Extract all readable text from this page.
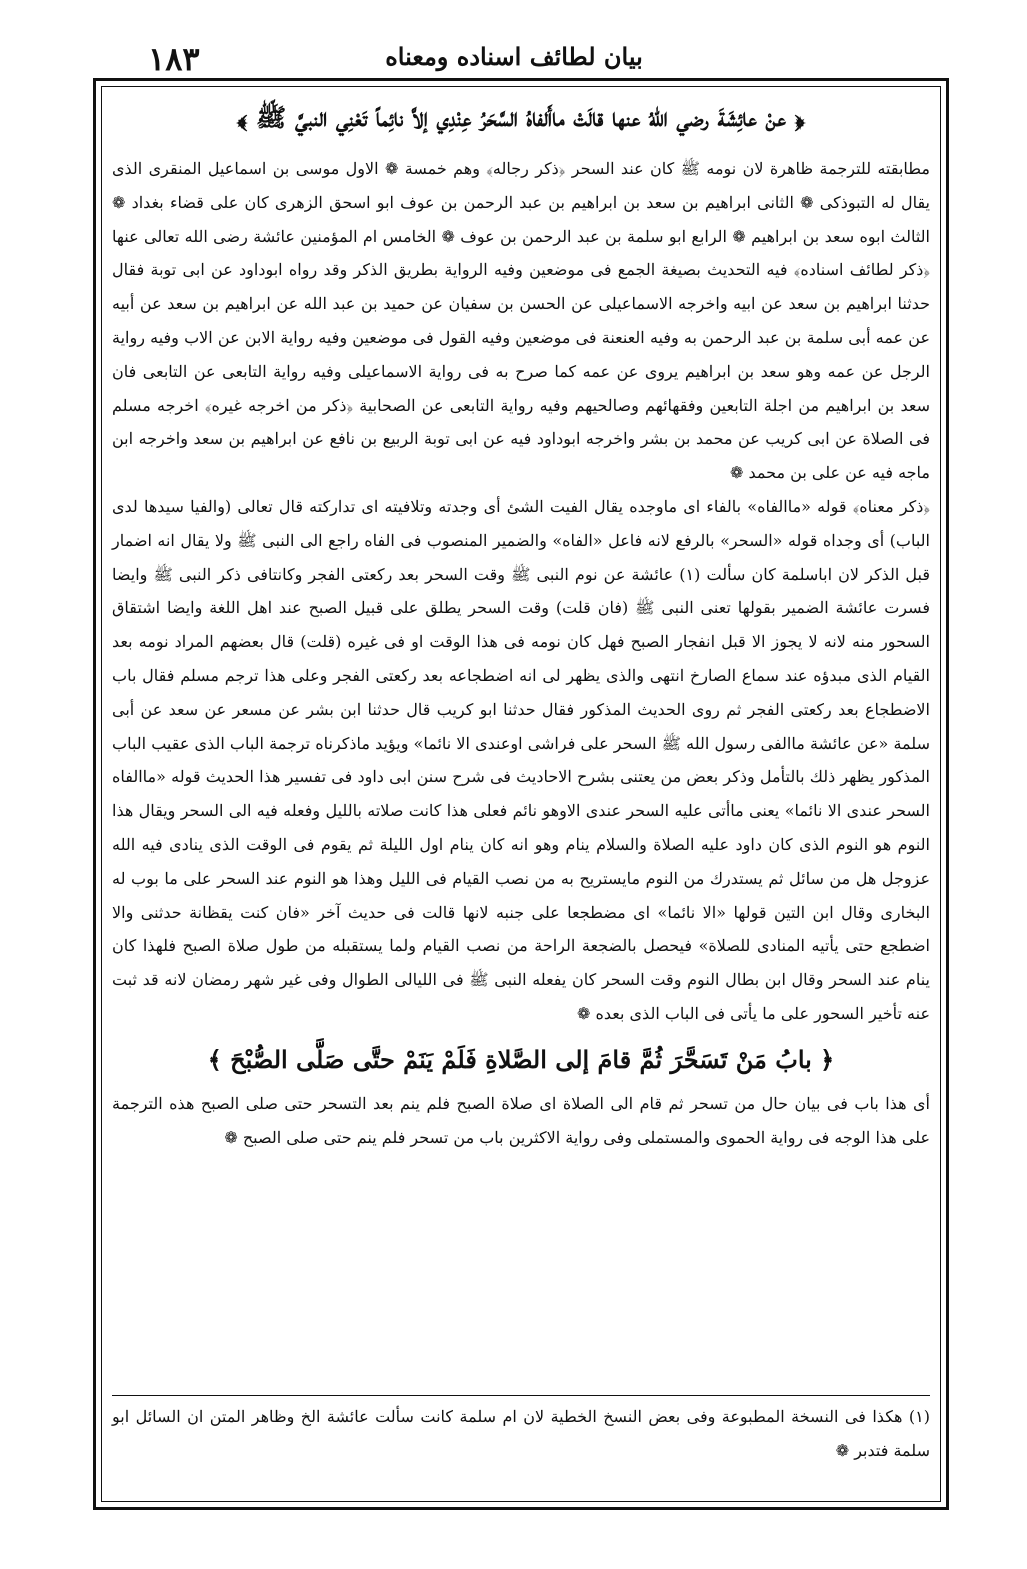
١٨٣	بيان لطائف اسناده ومعناه
﴿ عنْ عائِشَةَ رضي اللهُ عنها قالَتْ ماأَلفاهُ السَّحَرُ عِنْدِي إلاَّ نائِماً تَعْنِي النبيَّ ﷺ ﴾

مطابقته للترجمة ظاهرة لان نومه ﷺ كان عند السحر ﴿ذكر رجاله﴾ وهم خمسة ❁ الاول موسى بن اسماعيل المنقرى الذى يقال له التبوذكى ❁ الثانى ابراهيم بن سعد بن ابراهيم بن عبد الرحمن بن عوف ابو اسحق الزهرى كان على قضاء بغداد ❁ الثالث ابوه سعد بن ابراهيم ❁ الرابع ابو سلمة بن عبد الرحمن بن عوف ❁ الخامس ام المؤمنين عائشة رضى الله تعالى عنها ﴿ذكر لطائف اسناده﴾ فيه التحديث بصيغة الجمع فى موضعين وفيه الرواية بطريق الذكر وقد رواه ابوداود عن ابى توبة فقال حدثنا ابراهيم بن سعد عن ابيه واخرجه الاسماعيلى عن الحسن بن سفيان عن حميد بن عبد الله عن ابراهيم بن سعد عن أبيه عن عمه أبى سلمة بن عبد الرحمن به وفيه العنعنة فى موضعين وفيه القول فى موضعين وفيه رواية الابن عن الاب وفيه رواية الرجل عن عمه وهو سعد بن ابراهيم يروى عن عمه كما صرح به فى رواية الاسماعيلى وفيه رواية التابعى عن التابعى فان سعد بن ابراهيم من اجلة التابعين وفقهائهم وصالحيهم وفيه رواية التابعى عن الصحابية ﴿ذكر من اخرجه غيره﴾ اخرجه مسلم فى الصلاة عن ابى كريب عن محمد بن بشر واخرجه ابوداود فيه عن ابى توبة الربيع بن نافع عن ابراهيم بن سعد واخرجه ابن ماجه فيه عن على بن محمد ❁

﴿ذكر معناه﴾ قوله «ماالفاه» بالفاء اى ماوجده يقال الفيت الشئ أى وجدته وتلافيته اى تداركته قال تعالى (والفيا سيدها لدى الباب) أى وجداه قوله «السحر» بالرفع لانه فاعل «الفاه» والضمير المنصوب فى الفاه راجع الى النبى ﷺ ولا يقال انه اضمار قبل الذكر لان اباسلمة كان سألت (١) عائشة عن نوم النبى ﷺ وقت السحر بعد ركعتى الفجر وكانتافى ذكر النبى ﷺ وايضا فسرت عائشة الضمير بقولها تعنى النبى ﷺ (فان قلت) وقت السحر يطلق على قبيل الصبح عند اهل اللغة وايضا اشتقاق السحور منه لانه لا يجوز الا قبل انفجار الصبح فهل كان نومه فى هذا الوقت او فى غيره (قلت) قال بعضهم المراد نومه بعد القيام الذى مبدؤه عند سماع الصارخ انتهى والذى يظهر لى انه اضطجاعه بعد ركعتى الفجر وعلى هذا ترجم مسلم فقال باب الاضطجاع بعد ركعتى الفجر ثم روى الحديث المذكور فقال حدثنا ابو كريب قال حدثنا ابن بشر عن مسعر عن سعد عن أبى سلمة «عن عائشة ماالفى رسول الله ﷺ السحر على فراشى اوعندى الا نائما» ويؤيد ماذكرناه ترجمة الباب الذى عقيب الباب المذكور يظهر ذلك بالتأمل وذكر بعض من يعتنى بشرح الاحاديث فى شرح سنن ابى داود فى تفسير هذا الحديث قوله «ماالفاه السحر عندى الا نائما» يعنى ماأتى عليه السحر عندى الاوهو نائم فعلى هذا كانت صلاته بالليل وفعله فيه الى السحر ويقال هذا النوم هو النوم الذى كان داود عليه الصلاة والسلام ينام وهو انه كان ينام اول الليلة ثم يقوم فى الوقت الذى ينادى فيه الله عزوجل هل من سائل ثم يستدرك من النوم مايستريح به من نصب القيام فى الليل وهذا هو النوم عند السحر على ما بوب له البخارى وقال ابن التين قولها «الا نائما» اى مضطجعا على جنبه لانها قالت فى حديث آخر «فان كنت يقظانة حدثنى والا اضطجع حتى يأتيه المنادى للصلاة» فيحصل بالضجعة الراحة من نصب القيام ولما يستقبله من طول صلاة الصبح فلهذا كان ينام عند السحر وقال ابن بطال النوم وقت السحر كان يفعله النبى ﷺ فى الليالى الطوال وفى غير شهر رمضان لانه قد ثبت عنه تأخير السحور على ما يأتى فى الباب الذى بعده ❁

﴿ بابُ مَنْ تَسَحَّرَ ثُمَّ قامَ إلى الصَّلاةِ فَلَمْ يَنَمْ حتَّى صَلَّى الصُّبْحَ ﴾

أى هذا باب فى بيان حال من تسحر ثم قام الى الصلاة اى صلاة الصبح فلم ينم بعد التسحر حتى صلى الصبح هذه الترجمة على هذا الوجه فى رواية الحموى والمستملى وفى رواية الاكثرين باب من تسحر فلم ينم حتى صلى الصبح ❁

(١) هكذا فى النسخة المطبوعة وفى بعض النسخ الخطية لان ام سلمة كانت سألت عائشة الخ وظاهر المتن ان السائل ابو سلمة فتدبر ❁
